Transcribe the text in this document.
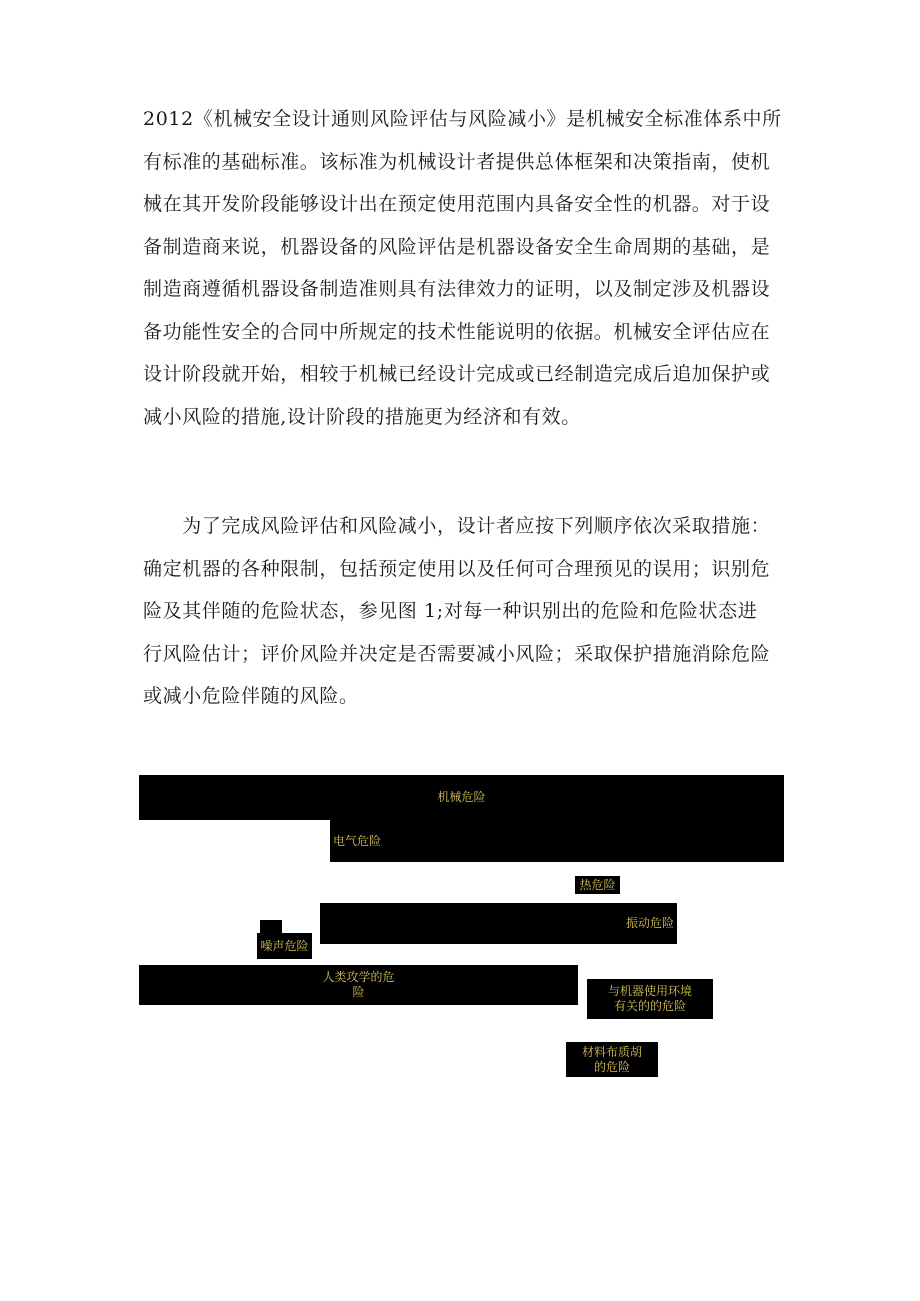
2012《机械安全设计通则风险评估与风险减小》是机械安全标准体系中所
有标准的基础标准。该标准为机械设计者提供总体框架和决策指南，使机
械在其开发阶段能够设计出在预定使用范围内具备安全性的机器。对于设
备制造商来说，机器设备的风险评估是机器设备安全生命周期的基础，是
制造商遵循机器设备制造准则具有法律效力的证明，以及制定涉及机器设
备功能性安全的合同中所规定的技术性能说明的依据。机械安全评估应在
设计阶段就开始，相较于机械已经设计完成或已经制造完成后追加保护或
减小风险的措施,设计阶段的措施更为经济和有效。
　　为了完成风险评估和风险减小，设计者应按下列顺序依次采取措施：
确定机器的各种限制，包括预定使用以及任何可合理预见的误用；识别危
险及其伴随的危险状态，参见图 1;对每一种识别出的危险和危险状态进
行风险估计；评价风险并决定是否需要减小风险；采取保护措施消除危险
或减小危险伴随的风险。
机械危险
电气危险
热危险
振动危险
噪声危险
人类攻学的危
险	与机器使用环境
有关的的危险
材料布质胡
的危险
